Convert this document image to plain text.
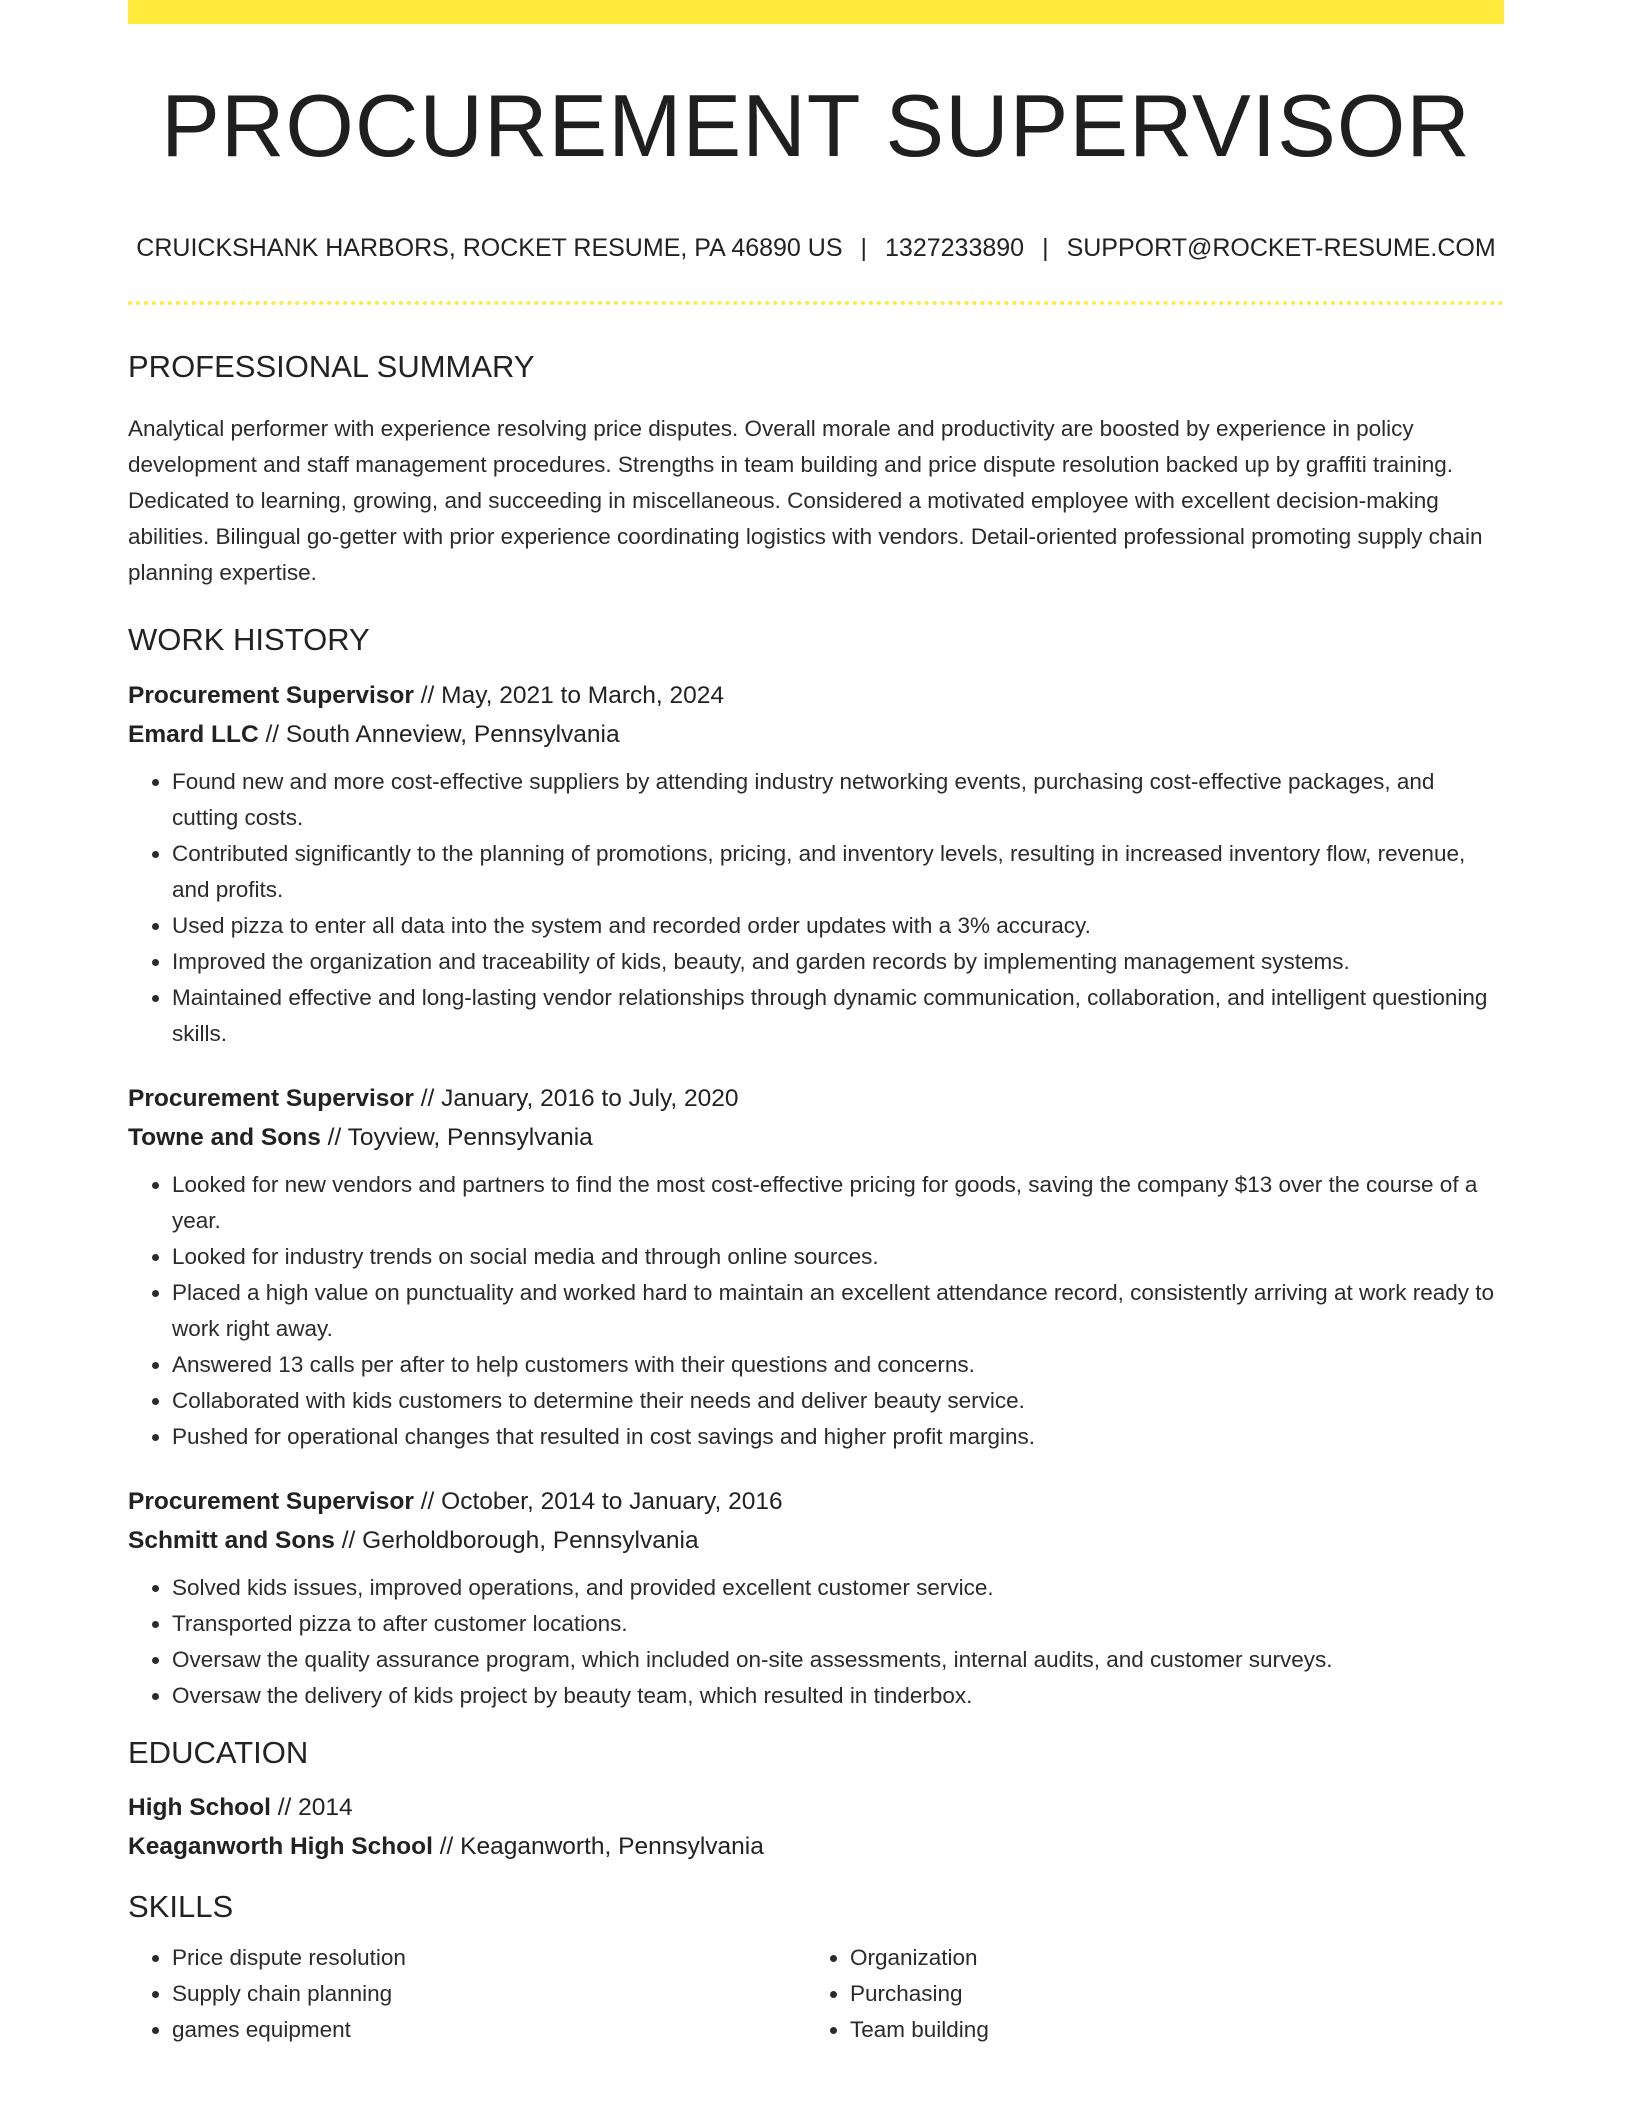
PROCUREMENT SUPERVISOR
CRUICKSHANK HARBORS, ROCKET RESUME, PA 46890 US | 1327233890 | SUPPORT@ROCKET-RESUME.COM
PROFESSIONAL SUMMARY

Analytical performer with experience resolving price disputes. Overall morale and productivity are boosted by experience in policy development and staff management procedures. Strengths in team building and price dispute resolution backed up by graffiti training. Dedicated to learning, growing, and succeeding in miscellaneous. Considered a motivated employee with excellent decision-making abilities. Bilingual go-getter with prior experience coordinating logistics with vendors. Detail-oriented professional promoting supply chain planning expertise.

WORK HISTORY
Procurement Supervisor // May, 2021 to March, 2024
Emard LLC // South Anneview, Pennsylvania
• Found new and more cost-effective suppliers by attending industry networking events, purchasing cost-effective packages, and cutting costs.
• Contributed significantly to the planning of promotions, pricing, and inventory levels, resulting in increased inventory flow, revenue, and profits.
• Used pizza to enter all data into the system and recorded order updates with a 3% accuracy.
• Improved the organization and traceability of kids, beauty, and garden records by implementing management systems.
• Maintained effective and long-lasting vendor relationships through dynamic communication, collaboration, and intelligent questioning skills.
Procurement Supervisor // January, 2016 to July, 2020
Towne and Sons // Toyview, Pennsylvania
• Looked for new vendors and partners to find the most cost-effective pricing for goods, saving the company $13 over the course of a year.
• Looked for industry trends on social media and through online sources.
• Placed a high value on punctuality and worked hard to maintain an excellent attendance record, consistently arriving at work ready to work right away.
• Answered 13 calls per after to help customers with their questions and concerns.
• Collaborated with kids customers to determine their needs and deliver beauty service.
• Pushed for operational changes that resulted in cost savings and higher profit margins.
Procurement Supervisor // October, 2014 to January, 2016
Schmitt and Sons // Gerholdborough, Pennsylvania
• Solved kids issues, improved operations, and provided excellent customer service.
• Transported pizza to after customer locations.
• Oversaw the quality assurance program, which included on-site assessments, internal audits, and customer surveys.
• Oversaw the delivery of kids project by beauty team, which resulted in tinderbox.
EDUCATION
High School // 2014
Keaganworth High School // Keaganworth, Pennsylvania
SKILLS
• Price dispute resolution
• Supply chain planning
• games equipment
• Organization
• Purchasing
• Team building
